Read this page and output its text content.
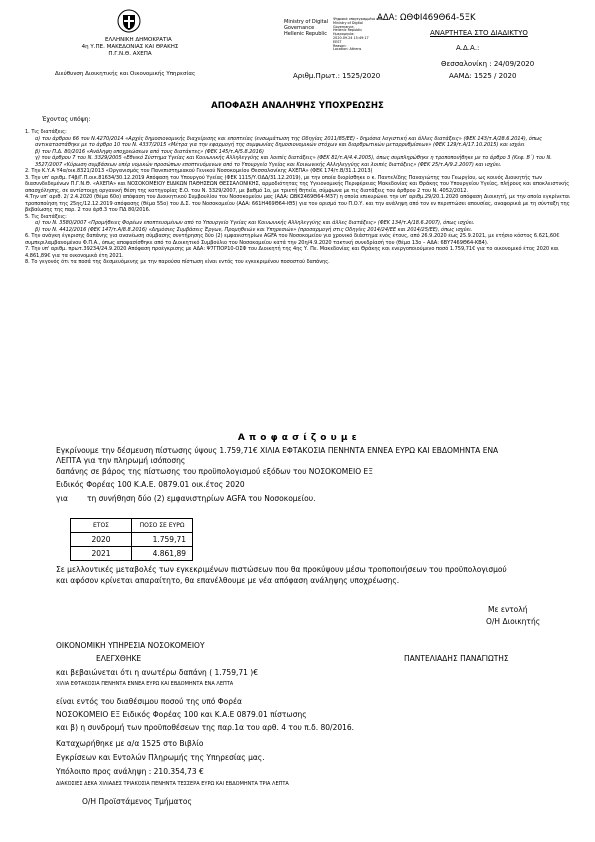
ΑΔΑ: ΩΘΦΙ469Θ64-5ΞΚ
ΕΛΛΗΝΙΚΗ ΔΗΜΟΚΡΑΤΙΑ
4η Υ.ΠΕ. ΜΑΚΕΔΟΝΙΑΣ ΚΑΙ ΘΡΑΚΗΣ
Π.Γ.Ν.Θ. ΑΧΕΠΑ
Διεύθυνση Διοικητικής και Οικονομικής Υπηρεσίας
Ministry of Digital
Governance
Hellenic Republic
Ψηφιακά υπογεγραμμένο από
Ministry of Digital
Governance,
Hellenic Republic
Ημερομηνία:
2020.09.24 15:49:17
EEST
Reason:
Location: Athens
ΑΝΑΡΤΗΤΕΑ ΣΤΟ ΔΙΑΔΙΚΤΥΟ
Α.Δ.Α.:
Θεσσαλονίκη : 24/09/2020
Αριθμ.Πρωτ.: 1525/2020	ΑΑΜΔ: 1525 / 2020
ΑΠΟΦΑΣΗ ΑΝΑΛΗΨΗΣ ΥΠΟΧΡΕΩΣΗΣ
Έχοντας υπόψη:
1. Τις διατάξεις:
α) του άρθρου 66 του Ν.4270/2014 «Αρχές δημοσιονομικής διαχείρισης και εποπτείας (ενσωμάτωση της Οδηγίας 2011/85/ΕΕ) - δημόσια λογιστική και άλλες διατάξεις» (ΦΕΚ 143/τ.Α/28.6.2014), όπως αντικαταστάθηκε με το άρθρο 10 του Ν. 4337/2015 «Μέτρα για την εφαρμογή της συμφωνίας δημοσιονομικών στόχων και διαρθρωτικών μεταρρυθμίσεων» (ΦΕΚ 129/τ.Α/17.10.2015) και ισχύει
β) του Π.Δ. 80/2016 «Ανάληψη υποχρεώσεων από τους διατάκτες» (ΦΕΚ 145/τ.Α/5.8.2016)
γ) του άρθρου 7 του Ν. 3329/2005 «Εθνικό Σύστημα Υγείας και Κοινωνικής Αλληλεγγύης και λοιπές διατάξεις» (ΦΕΚ 81/τ.Α/4.4.2005), όπως συμπληρώθηκε η τροποποιήθηκε με το άρθρο 3 (Κεφ. Β΄) του Ν. 3527/2007 «Κύρωση συμβάσεων υπέρ νομικών προσώπων εποπτευόμενων από το Υπουργείο Υγείας και Κοινωνικής Αλληλεγγύης και λοιπές διατάξεις» (ΦΕΚ 25/τ.Α/9.2.2007) και ισχύει.
2. Την Κ.Υ.Α Υ4α/οικ.8321/2013 «Οργανισμός του Πανεπιστημιακού Γενικού Νοσοκομείου Θεσσαλονίκης ΑΧΕΠΑ» (ΦΕΚ 174/τ.Β/31.1.2013)
3. Την υπ' αριθμ. Γ4β/Γ.Π.οικ.81634/30.12.2019 Απόφαση του Υπουργού Υγείας (ΦΕΚ 1115/Υ.ΟΔΔ/31.12.2019), με την οποία διορίσθηκε ο κ. Παντελίδης Παναγιώτης του Γεωργίου, ως κοινός Διοικητής των διασυνδεδεμένων Π.Γ.Ν.Θ. «ΑΧΕΠΑ» και ΝΟΣΟΚΟΜΕΙΟΥ ΕΙΔΙΚΩΝ ΠΑΘΗΣΕΩΝ ΘΕΣΣΑΛΟΝΙΚΗΣ, αρμοδιότητας της Υγειονομικής Περιφέρειας Μακεδονίας και Θράκης του Υπουργείου Υγείας, πλήρους και αποκλειστικής απασχόλησης, σε αντίστοιχη οργανική θέση της κατηγορίας Ε.Ο. του Ν. 3329/2007, με βαθμό 1ο, με τριετή θητεία, σύμφωνα με τις διατάξεις του άρθρου 2 του Ν. 4052/2012.
4.Την υπ' αριθ. 2/ 2.4.2020 (θέμα 60ο) απόφαση του Διοικητικού Συμβουλίου του Νοσοκομείου μας (ΑΔΑ: ΩΒΚΣ469Θ64-Μ37) η οποία επικυρώνει την υπ' αριθμ.29/20.1.2020 απόφαση Διοικητή, με την οποία εγκρίνεται τροποποίηση της 25ης/12.12.2019 απόφασης (θέμα 55ο) του Δ.Σ. του Νοσοκομείου (ΑΔΑ: 661Η469Θ64-ΙΘ5) για τον ορισμό του Π.Ο.Υ. και την ανάληψη από τον εν περιπτώσει απουσίας, αναφορικά με τη σύνταξη της βεβαίωσης της παρ. 2 του άρθ.3 του ΠΔ 80/2016.
5. Τις διατάξεις:
α) του Ν. 3580/2007 «Προμήθειες Φορέων εποπτευομένων από το Υπουργείο Υγείας και Κοινωνικής Αλληλεγγύης και άλλες διατάξεις» (ΦΕΚ 134/τ.Α/18.6.2007), όπως ισχύει.
β) του Ν. 4412/2016 (ΦΕΚ 147/τ.Α/8.8.2016) «Δημόσιες Συμβάσεις Έργων, Προμηθειών και Υπηρεσιών» (προσαρμογή στις Οδηγίες 2014/24/ΕΕ και 2014/25/ΕΕ), όπως ισχύει.
6. Την ανάγκη έγκρισης δαπάνης για ανανέωση σύμβασης συντήρησης δύο (2) εμφανιστηρίων AGFA του Νοσοκομείου για χρονικό διάστημα ενός έτους, από 26.9.2020 έως 25.9.2021, με ετήσιο κόστος 6.621,60€ συμπεριλαμβανομένου Φ.Π.Α., όπως αποφασίσθηκε από το Διοικητικό Συμβούλιο του Νοσοκομείου κατά την 20η/4.9.2020 τακτική συνεδρίασή του (θέμα 13ο – ΑΔΑ: 6ΒΥ7469Θ64-ΚΒ4).
7. Την υπ' αριθμ. πρωτ.39234/24.9.2020 Απόφαση προέγκρισης με ΑΔΑ: Ψ7ΓΠΟΡ10-ΟΣΦ του Διοικητή της 4ης Υ. Πε. Μακεδονίας και Θράκης και ενεργοποιούμενο ποσό 1.759,71€ για το οικονομικό έτος 2020 και 4.861,89€ για τα οικονομικά έτη 2021.
8. Το γεγονός ότι τα ποσά της δεσμευόμενης με την παρούσα πίστωση είναι εντός του εγκεκριμένου ποσοστού δαπάνης.
Α π ο φ α σ ί ζ ο υ μ ε
Εγκρίνουμε την δέσμευση πίστωσης ύψους 1.759,71€ ΧΙΛΙΑ ΕΦΤΑΚΟΣΙΑ ΠΕΝΗΝΤΑ ΕΝΝΕΑ ΕΥΡΩ ΚΑΙ ΕΒΔΟΜΗΝΤΑ ΕΝΑ
ΛΕΠΤΑ για την πληρωμή ισόποσης
δαπάνης σε βάρος της πίστωσης του προϋπολογισμού εξόδων του ΝΟΣΟΚΟΜΕΙΟ ΕΞ
Ειδικός Φορέας 100 Κ.Α.Ε. 0879.01 οικ.έτος 2020
για	τη συνήθηση δύο (2) εμφανιστηρίων AGFA του Νοσοκομείου.
ΕΤΟΣ	ΠΟΣΟ ΣΕ ΕΥΡΩ
2020	1.759,71
2021	4.861,89
Σε μελλοντικές μεταβολές των εγκεκριμένων πιστώσεων που θα προκύψουν μέσω τροποποιήσεων του προϋπολογισμού
και αφόσον κρίνεται απαραίτητο, θα επανέλθουμε με νέα απόφαση ανάληψης υποχρέωσης.
Με εντολή
Ο/Η Διοικητής
ΟΙΚΟΝΟΜΙΚΗ ΥΠΗΡΕΣΙΑ ΝΟΣΟΚΟΜΕΙΟΥ
ΕΛΕΓΧΘΗΚΕ	ΠΑΝΤΕΛΙΑΔΗΣ ΠΑΝΑΓΙΩΤΗΣ
και βεβαιώνεται ότι η ανωτέρω δαπάνη ( 1.759,71 )€
ΧΙΛΙΑ ΕΦΤΑΚΟΣΙΑ ΠΕΝΗΝΤΑ ΕΝΝΕΑ ΕΥΡΩ ΚΑΙ ΕΒΔΟΜΗΝΤΑ ΕΝΑ ΛΕΠΤΑ
είναι εντός του διαθέσιμου ποσού της υπό Φορέα
ΝΟΣΟΚΟΜΕΙΟ ΕΞ Ειδικός Φορέας 100 και Κ.Α.Ε 0879.01 πίστωσης
και β) η συνδρομή των προϋποθέσεων της παρ.1α του αρθ. 4 του π.δ. 80/2016.
Καταχωρήθηκε με α/α 1525 στο Βιβλίο
Εγκρίσεων και Εντολών Πληρωμής της Υπηρεσίας μας.
Υπόλοιπο προς ανάληψη : 210.354,73 €
ΔΙΑΚΟΣΙΕΣ ΔΕΚΑ ΧΙΛΙΑΔΕΣ ΤΡΙΑΚΟΣΙΑ ΠΕΝΗΝΤΑ ΤΕΣΣΕΡΑ ΕΥΡΩ ΚΑΙ ΕΒΔΟΜΗΝΤΑ ΤΡΙΑ ΛΕΠΤΑ
Ο/Η Προϊστάμενος Τμήματος
